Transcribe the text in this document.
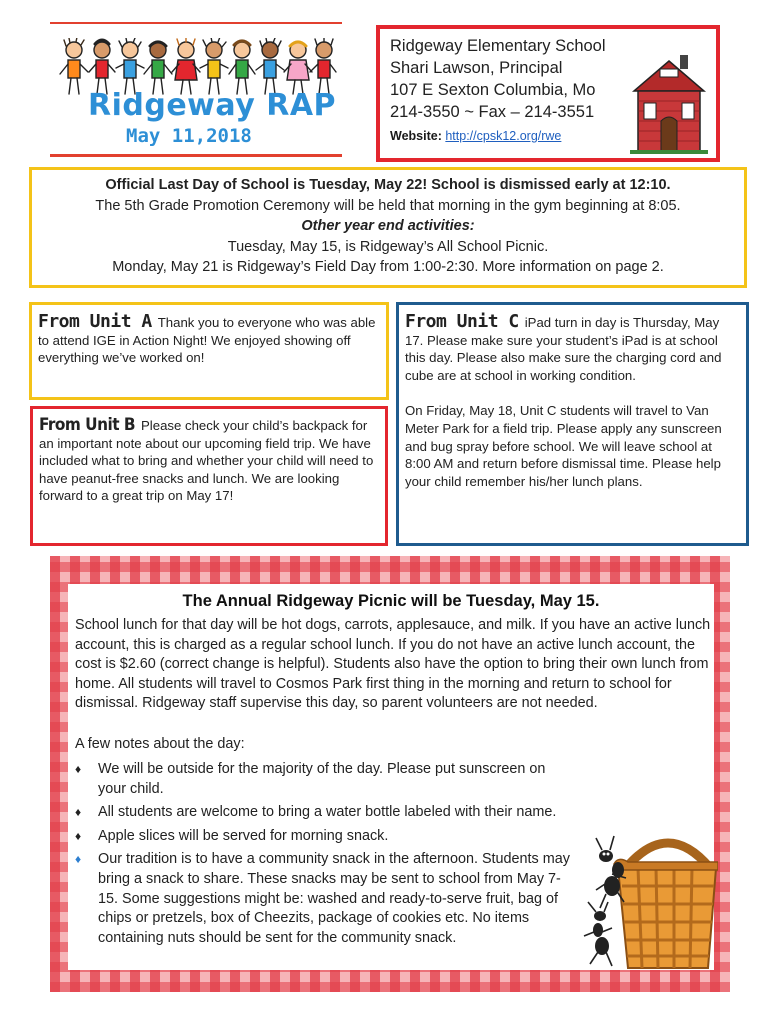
Ridgeway RAP
May 11,2018
Ridgeway Elementary School
Shari Lawson, Principal
107 E Sexton Columbia, Mo
214-3550 ~ Fax – 214-3551
Website: http://cpsk12.org/rwe
Official Last Day of School is Tuesday, May 22! School is dismissed early at 12:10.
The 5th Grade Promotion Ceremony will be held that morning in the gym beginning at 8:05.
Other year end activities:
Tuesday, May 15, is Ridgeway’s All School Picnic.
Monday, May 21 is Ridgeway’s Field Day from 1:00-2:30. More information on page 2.

From Unit A Thank you to everyone who was able to attend IGE in Action Night! We enjoyed showing off everything we’ve worked on!

From Unit B Please check your child’s backpack for an important note about our upcoming field trip. We have included what to bring and whether your child will need to have peanut-free snacks and lunch. We are looking forward to a great trip on May 17!

From Unit C iPad turn in day is Thursday, May 17. Please make sure your student’s iPad is at school this day. Please also make sure the charging cord and cube are at school in working condition.

On Friday, May 18, Unit C students will travel to Van Meter Park for a field trip. Please apply any sunscreen and bug spray before school. We will leave school at 8:00 AM and return before dismissal time. Please help your child remember his/her lunch plans.

The Annual Ridgeway Picnic will be Tuesday, May 15.
School lunch for that day will be hot dogs, carrots, applesauce, and milk. If you have an active lunch account, this is charged as a regular school lunch. If you do not have an active lunch account, the cost is $2.60 (correct change is helpful). Students also have the option to bring their own lunch from home. All students will travel to Cosmos Park first thing in the morning and return to school for dismissal. Ridgeway staff supervise this day, so parent volunteers are not needed.
A few notes about the day:
♦ We will be outside for the majority of the day. Please put sunscreen on your child.
♦ All students are welcome to bring a water bottle labeled with their name.
♦ Apple slices will be served for morning snack.
♦ Our tradition is to have a community snack in the afternoon. Students may bring a snack to share. These snacks may be sent to school from May 7-15. Some suggestions might be: washed and ready-to-serve fruit, bag of chips or pretzels, box of Cheezits, package of cookies etc. No items containing nuts should be sent for the community snack.
